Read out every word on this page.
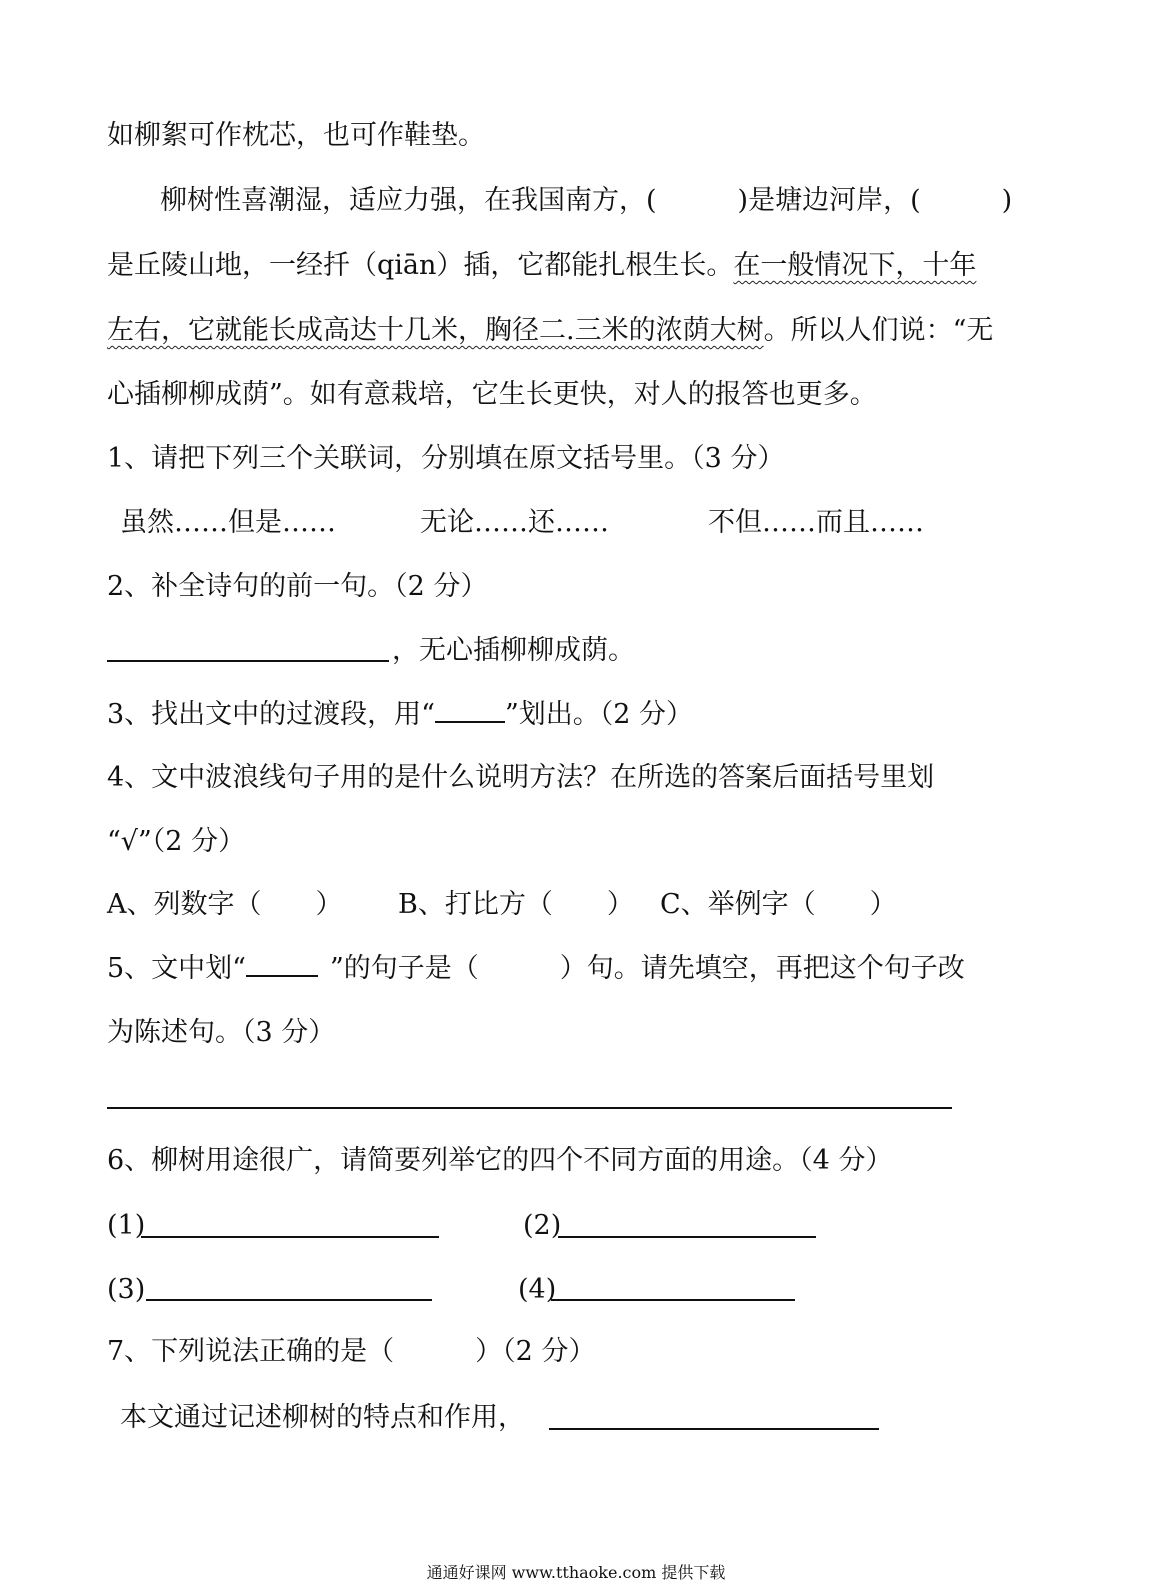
如柳絮可作枕芯，也可作鞋垫。
柳树性喜潮湿，适应力强，在我国南方，(　　　)是塘边河岸，(　　　)
是丘陵山地，一经扦（qiān）插，它都能扎根生长。在一般情况下，十年
左右，它就能长成高达十几米，胸径二.三米的浓荫大树。所以人们说：“无
心插柳柳成荫”。如有意栽培，它生长更快，对人的报答也更多。
1、请把下列三个关联词，分别填在原文括号里。（3 分）
虽然……但是……	无论……还……	不但……而且……
2、补全诗句的前一句。（2 分）
，无心插柳柳成荫。
3、找出文中的过渡段，用“	”划出。（2 分）
4、文中波浪线句子用的是什么说明方法？在所选的答案后面括号里划
“√”（2 分）
A、列数字（　　） B、打比方（　　） C、举例字（　　）
5、文中划“	”的句子是（　　　）句。请先填空，再把这个句子改
为陈述句。（3 分）
6、柳树用途很广，请简要列举它的四个不同方面的用途。（4 分）
(1)	(2)
(3)	(4)
7、下列说法正确的是（　　　）（2 分）
本文通过记述柳树的特点和作用，
通通好课网 www.tthaoke.com 提供下载
